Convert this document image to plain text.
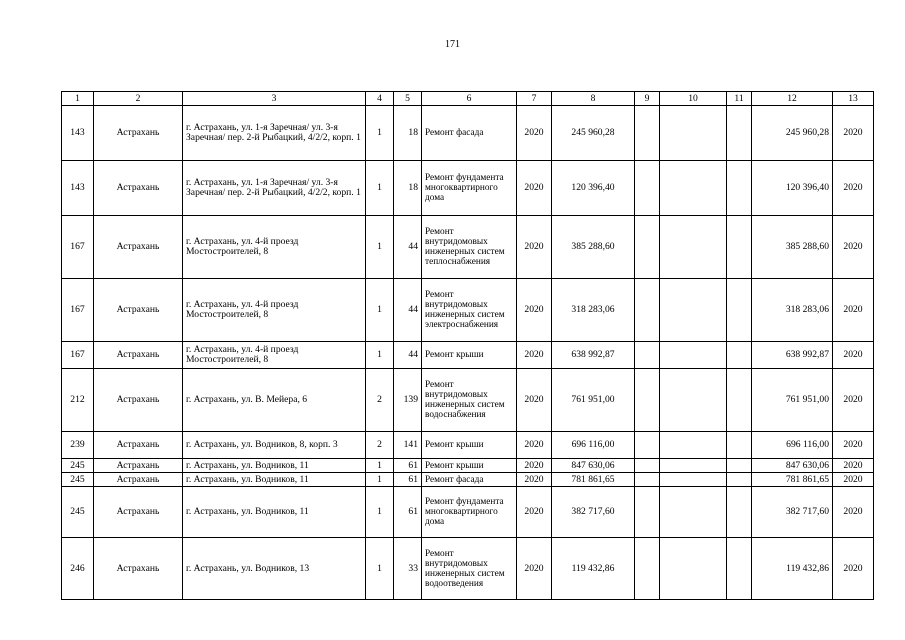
171
1	2	3	4	5	6	7	8	9	10	11	12	13
143	Астрахань	г. Астрахань, ул. 1-я Заречная/ ул. 3-я Заречная/ пер. 2-й Рыбацкий, 4/2/2, корп. 1	1	18	Ремонт фасада	2020	245 960,28				245 960,28	2020
143	Астрахань	г. Астрахань, ул. 1-я Заречная/ ул. 3-я Заречная/ пер. 2-й Рыбацкий, 4/2/2, корп. 1	1	18	Ремонт фундамента многоквартирного дома	2020	120 396,40				120 396,40	2020
167	Астрахань	г. Астрахань, ул. 4-й проезд Мостостроителей, 8	1	44	Ремонт внутридомовых инженерных систем теплоснабжения	2020	385 288,60				385 288,60	2020
167	Астрахань	г. Астрахань, ул. 4-й проезд Мостостроителей, 8	1	44	Ремонт внутридомовых инженерных систем электроснабжения	2020	318 283,06				318 283,06	2020
167	Астрахань	г. Астрахань, ул. 4-й проезд Мостостроителей, 8	1	44	Ремонт крыши	2020	638 992,87				638 992,87	2020
212	Астрахань	г. Астрахань, ул. В. Мейера, 6	2	139	Ремонт внутридомовых инженерных систем водоснабжения	2020	761 951,00				761 951,00	2020
239	Астрахань	г. Астрахань, ул. Водников, 8, корп. 3	2	141	Ремонт крыши	2020	696 116,00				696 116,00	2020
245	Астрахань	г. Астрахань, ул. Водников, 11	1	61	Ремонт крыши	2020	847 630,06				847 630,06	2020
245	Астрахань	г. Астрахань, ул. Водников, 11	1	61	Ремонт фасада	2020	781 861,65				781 861,65	2020
245	Астрахань	г. Астрахань, ул. Водников, 11	1	61	Ремонт фундамента многоквартирного дома	2020	382 717,60				382 717,60	2020
246	Астрахань	г. Астрахань, ул. Водников, 13	1	33	Ремонт внутридомовых инженерных систем водоотведения	2020	119 432,86				119 432,86	2020
